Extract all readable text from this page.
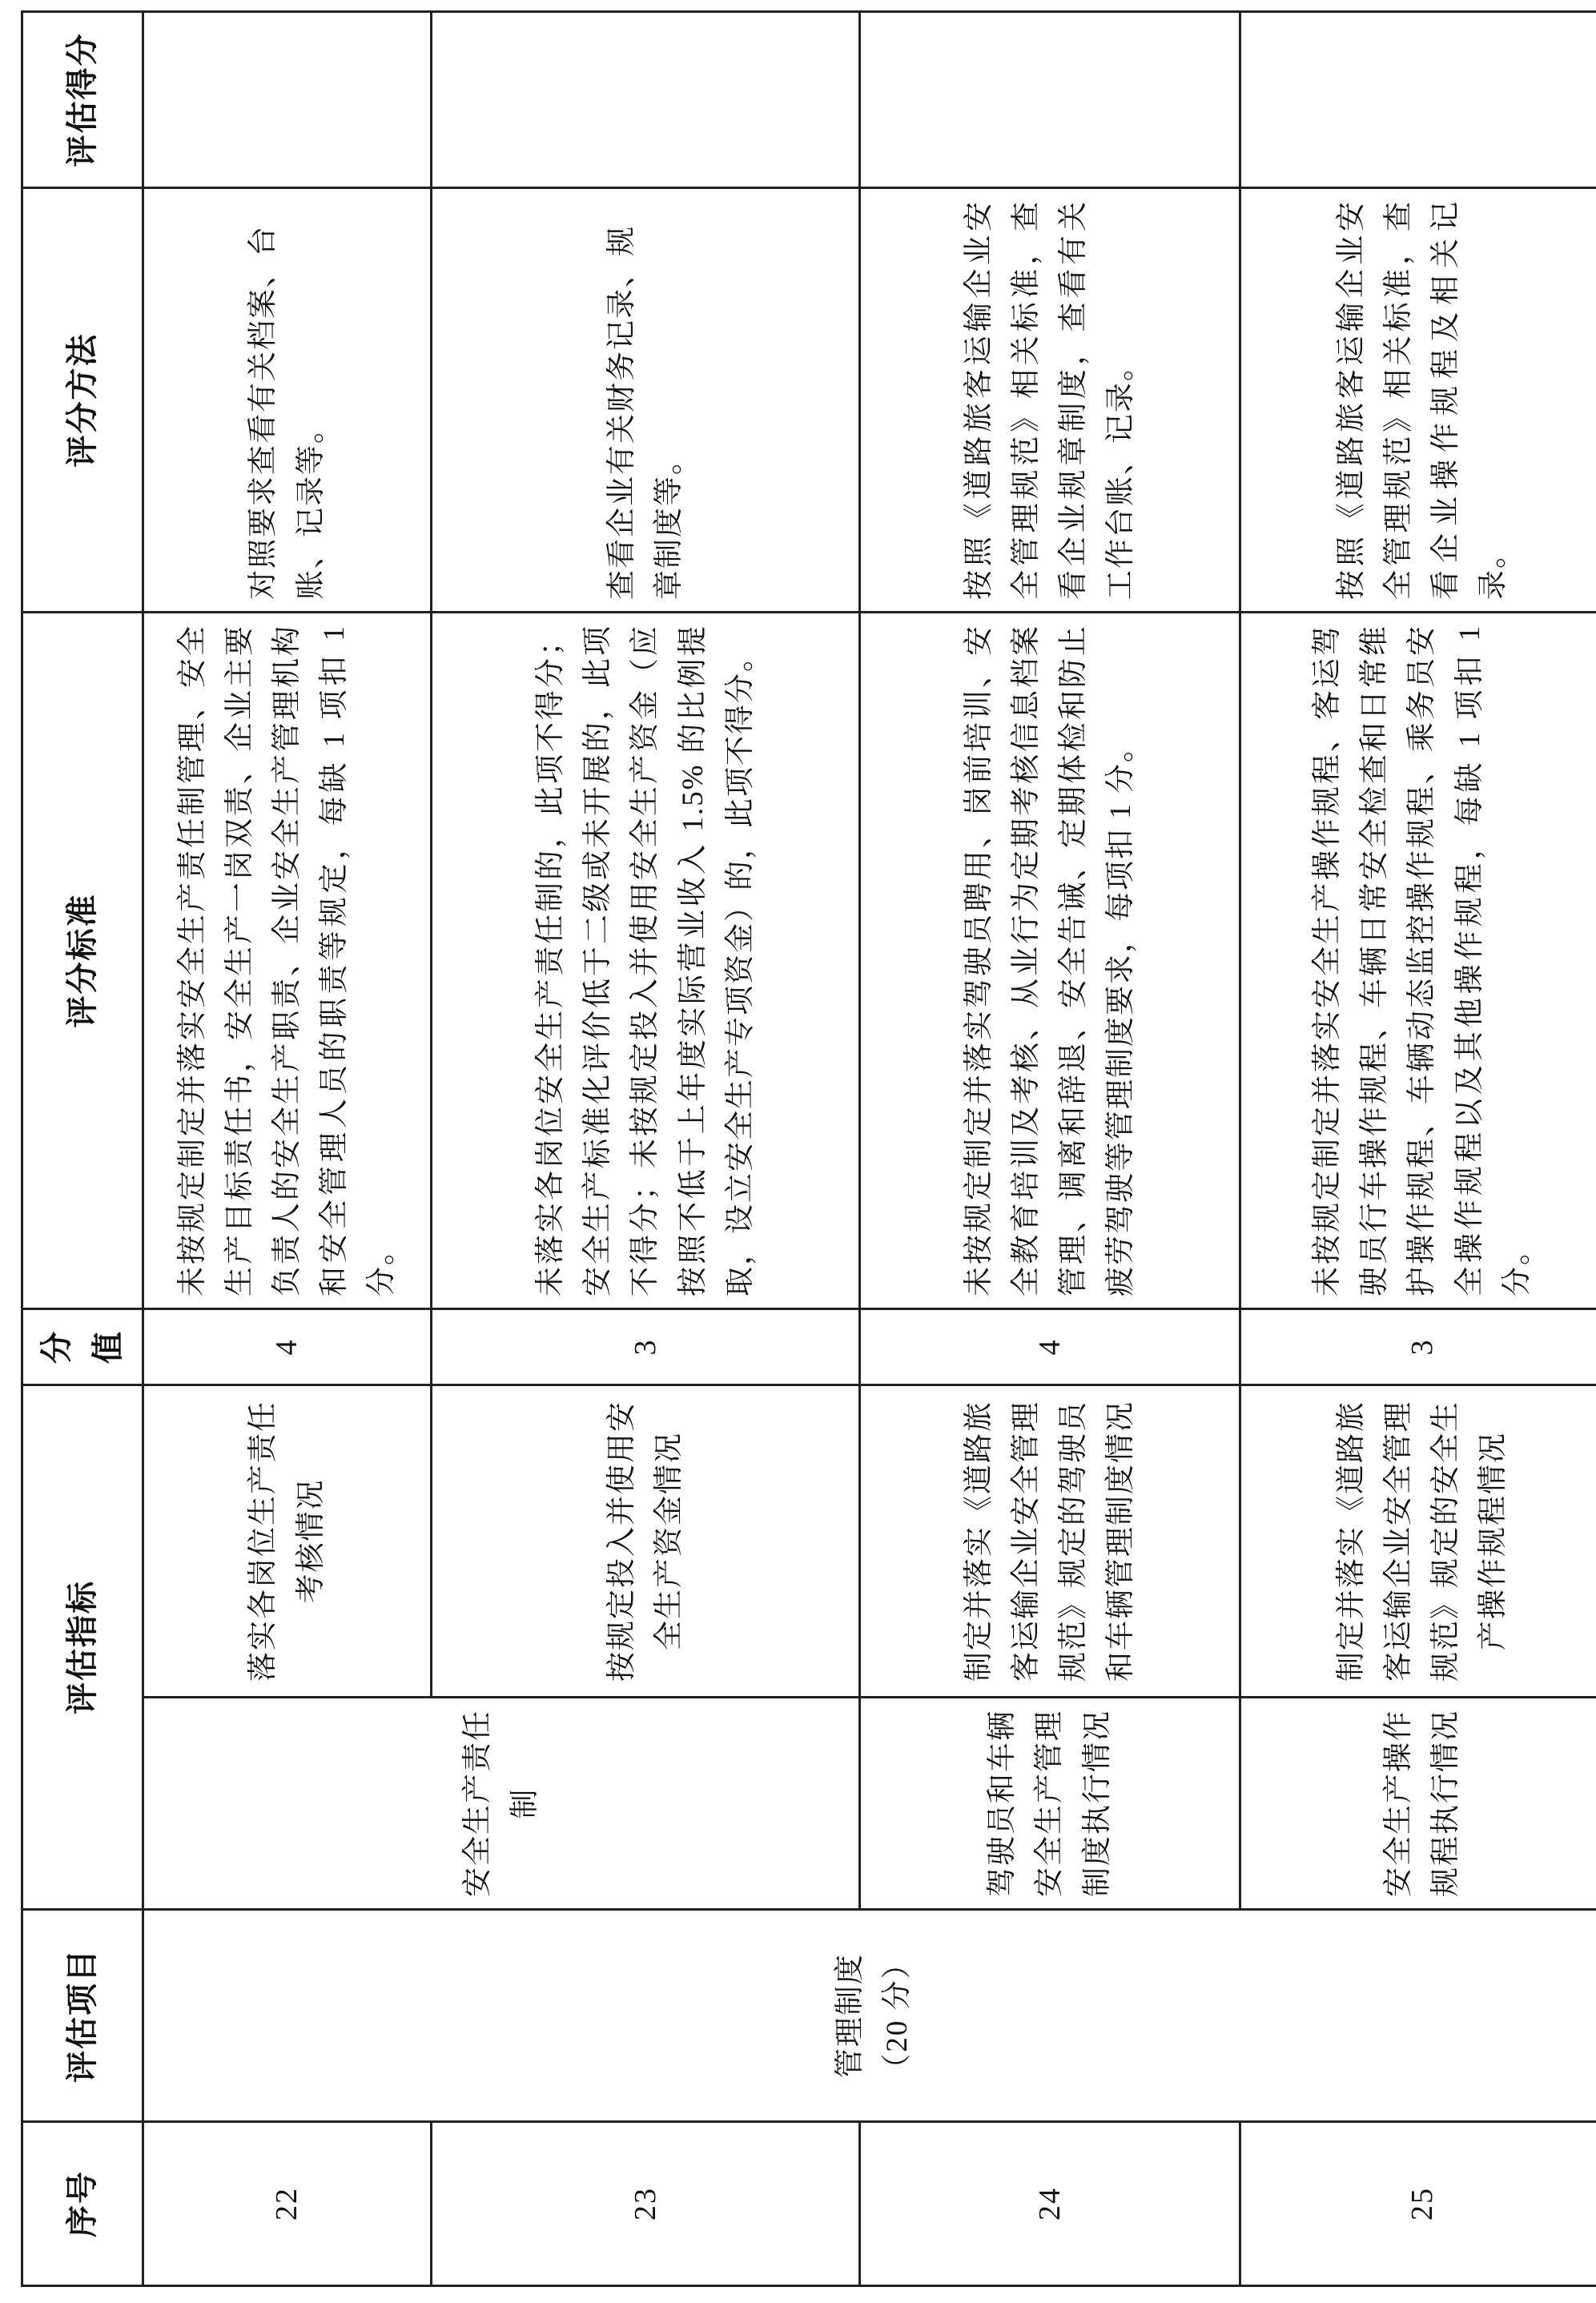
序号	评估项目	评估指标		分值	评分标准	评分方法	评估得分
22	管理制度 （20 分）	安全生产责任制	落实各岗位生产责任考核情况	4	未按规定制定并落实安全生产责任制管理、安全生产目标责任书，安全生产一岗双责、企业主要负责人的安全生产职责、企业安全生产管理机构和安全管理人员的职责等规定，每缺 1 项扣 1 分。	对照要求查看有关档案、台账、记录等。	
23			按规定投入并使用安全生产资金情况	3	未落实各岗位安全生产责任制的，此项不得分；安全生产标准化评价低于二级或未开展的，此项不得分；未按规定投入并使用安全生产资金（应按照不低于上年度实际营业收入 1.5% 的比例提取，设立安全生产专项资金）的，此项不得分。	查看企业有关财务记录、规章制度等。	
24		驾驶员和车辆安全生产管理制度执行情况	制定并落实《道路旅客运输企业安全管理规范》规定的驾驶员和车辆管理制度情况	4	未按规定制定并落实驾驶员聘用、岗前培训、安全教育培训及考核、从业行为定期考核信息档案管理、调离和辞退、安全告诫、定期体检和防止疲劳驾驶等管理制度要求，每项扣 1 分。	按照《道路旅客运输企业安全管理规范》相关标准，查看企业规章制度，查看有关工作台账、记录。	
25		安全生产操作规程执行情况	制定并落实《道路旅客运输企业安全管理规范》规定的安全生产操作规程情况	3	未按规定制定并落实安全生产操作规程、客运驾驶员行车操作规程、车辆日常安全检查和日常维护操作规程、车辆动态监控操作规程、乘务员安全操作规程以及其他操作规程，每缺 1 项扣 1 分。	按照《道路旅客运输企业安全管理规范》相关标准，查看企业操作规程及相关记录。	
